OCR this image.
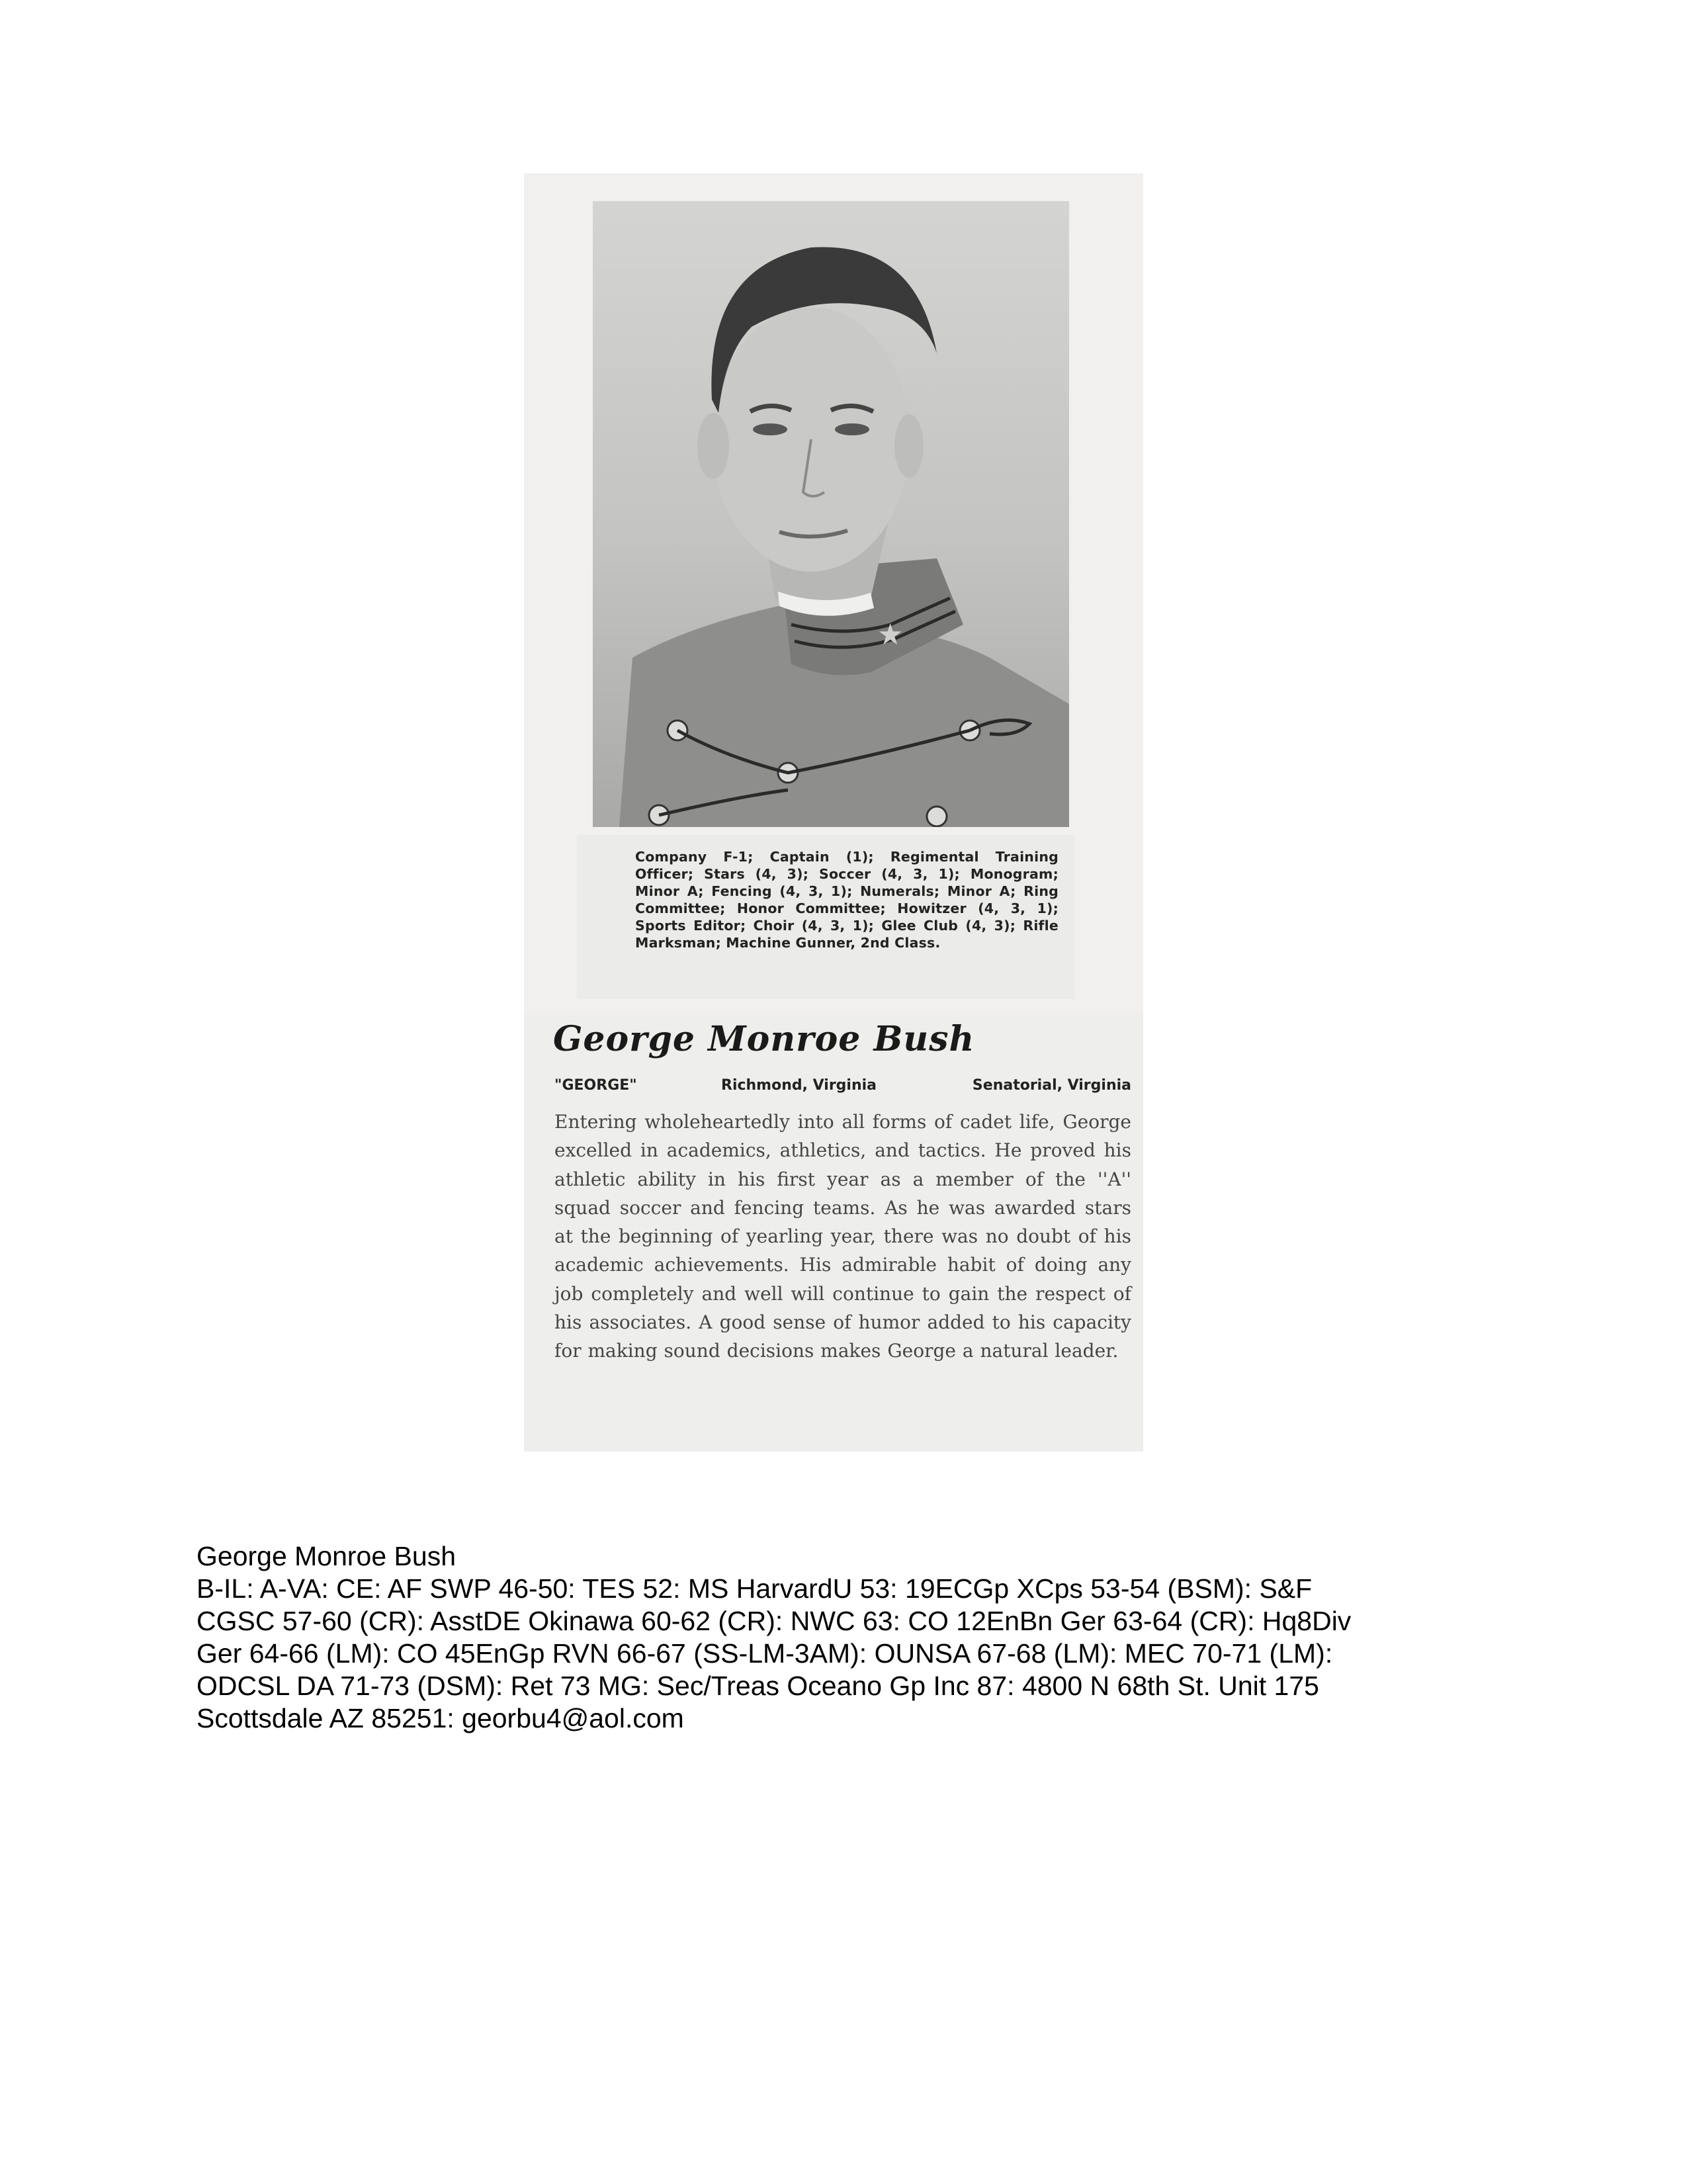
★

Company F-1; Captain (1); Regimental Training Officer; Stars (4, 3); Soccer (4, 3, 1); Monogram; Minor A; Fencing (4, 3, 1); Numerals; Minor A; Ring Committee; Honor Committee; Howitzer (4, 3, 1); Sports Editor; Choir (4, 3, 1); Glee Club (4, 3); Rifle Marksman; Machine Gunner, 2nd Class.

George Monroe Bush
"GEORGE"	Richmond, Virginia	Senatorial, Virginia

Entering wholeheartedly into all forms of cadet life, George excelled in academics, athletics, and tactics. He proved his athletic ability in his first year as a member of the ''A'' squad soccer and fencing teams. As he was awarded stars at the beginning of yearling year, there was no doubt of his academic achievements. His admirable habit of doing any job completely and well will continue to gain the respect of his associates. A good sense of humor added to his capacity for making sound decisions makes George a natural leader.

George Monroe Bush
B-IL: A-VA: CE: AF SWP 46-50: TES 52: MS HarvardU 53: 19ECGp XCps 53-54 (BSM): S&F
CGSC 57-60 (CR): AsstDE Okinawa 60-62 (CR): NWC 63: CO 12EnBn Ger 63-64 (CR): Hq8Div
Ger 64-66 (LM): CO 45EnGp RVN 66-67 (SS-LM-3AM): OUNSA 67-68 (LM): MEC 70-71 (LM):
ODCSL DA 71-73 (DSM): Ret 73 MG: Sec/Treas Oceano Gp Inc 87: 4800 N 68th St. Unit 175
Scottsdale AZ 85251: georbu4@aol.com
